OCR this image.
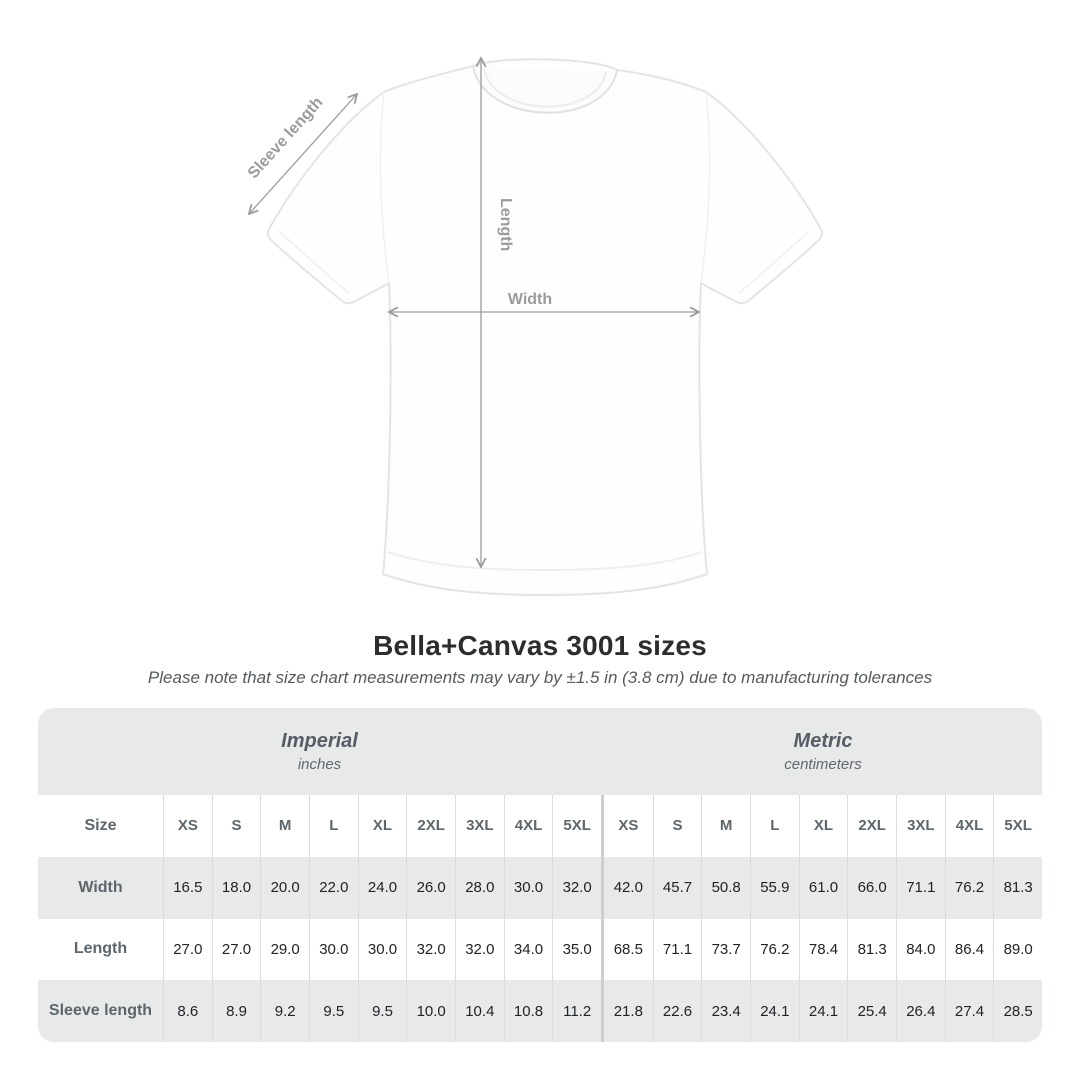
Sleeve length
Length
Width
Bella+Canvas 3001 sizes
Please note that size chart measurements may vary by ±1.5 in (3.8 cm) due to manufacturing tolerances
Imperial
inches
Metric
centimeters
Size	XS	S	M	L	XL	2XL	3XL	4XL	5XL	XS	S	M	L	XL	2XL	3XL	4XL	5XL
Width	16.5	18.0	20.0	22.0	24.0	26.0	28.0	30.0	32.0	42.0	45.7	50.8	55.9	61.0	66.0	71.1	76.2	81.3
Length	27.0	27.0	29.0	30.0	30.0	32.0	32.0	34.0	35.0	68.5	71.1	73.7	76.2	78.4	81.3	84.0	86.4	89.0
Sleeve length	8.6	8.9	9.2	9.5	9.5	10.0	10.4	10.8	11.2	21.8	22.6	23.4	24.1	24.1	25.4	26.4	27.4	28.5
